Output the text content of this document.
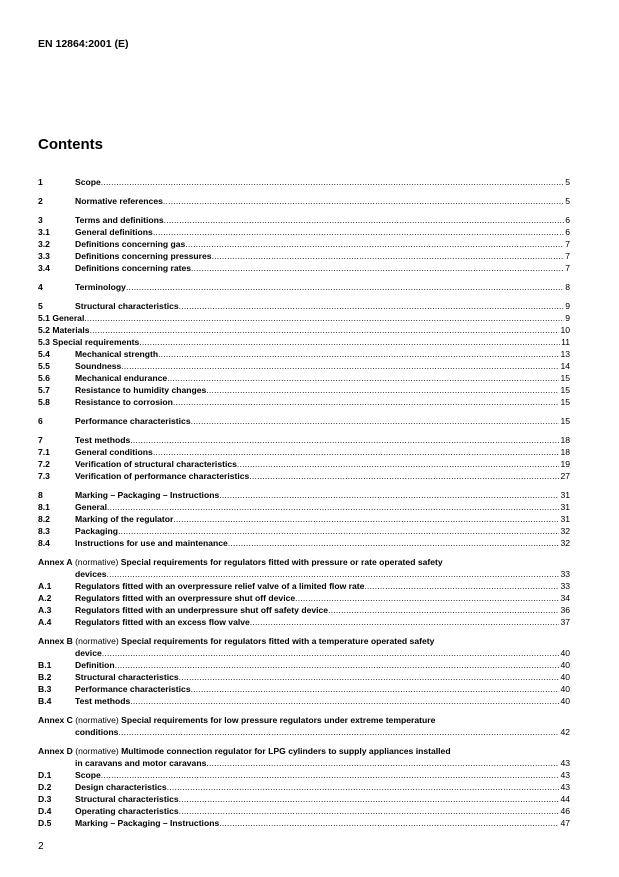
EN 12864:2001 (E)
Contents
1	Scope .....	5
2	Normative references .....	5
3	Terms and definitions .....	6
3.1	General definitions .....	6
3.2	Definitions concerning gas .....	7
3.3	Definitions concerning pressures .....	7
3.4	Definitions concerning rates .....	7
4	Terminology .....	8
5	Structural characteristics .....	9
5.1 General .....	9
5.2 Materials .....	10
5.3 Special requirements .....	11
5.4	Mechanical strength .....	13
5.5	Soundness .....	14
5.6	Mechanical endurance .....	15
5.7	Resistance to humidity changes .....	15
5.8	Resistance to corrosion .....	15
6	Performance characteristics .....	15
7	Test methods .....	18
7.1	General conditions .....	18
7.2	Verification of structural characteristics .....	19
7.3	Verification of performance characteristics .....	27
8	Marking – Packaging – Instructions .....	31
8.1	General .....	31
8.2	Marking of the regulator .....	31
8.3	Packaging .....	32
8.4	Instructions for use and maintenance .....	32
Annex A (normative) Special requirements for regulators fitted with pressure or rate operated safety
devices .....	33
A.1	Regulators fitted with an overpressure relief valve of a limited flow rate .....	33
A.2	Regulators fitted with an overpressure shut off device .....	34
A.3	Regulators fitted with an underpressure shut off safety device .....	36
A.4	Regulators fitted with an excess flow valve .....	37
Annex B (normative) Special requirements for regulators fitted with a temperature operated safety
device .....	40
B.1	Definition .....	40
B.2	Structural characteristics .....	40
B.3	Performance characteristics .....	40
B.4	Test methods .....	40
Annex C (normative) Special requirements for low pressure regulators under extreme temperature
conditions .....	42
Annex D (normative) Multimode connection regulator for LPG cylinders to supply appliances installed
in caravans and motor caravans .....	43
D.1	Scope .....	43
D.2	Design characteristics .....	43
D.3	Structural characteristics .....	44
D.4	Operating characteristics .....	46
D.5	Marking – Packaging – Instructions .....	47
2
